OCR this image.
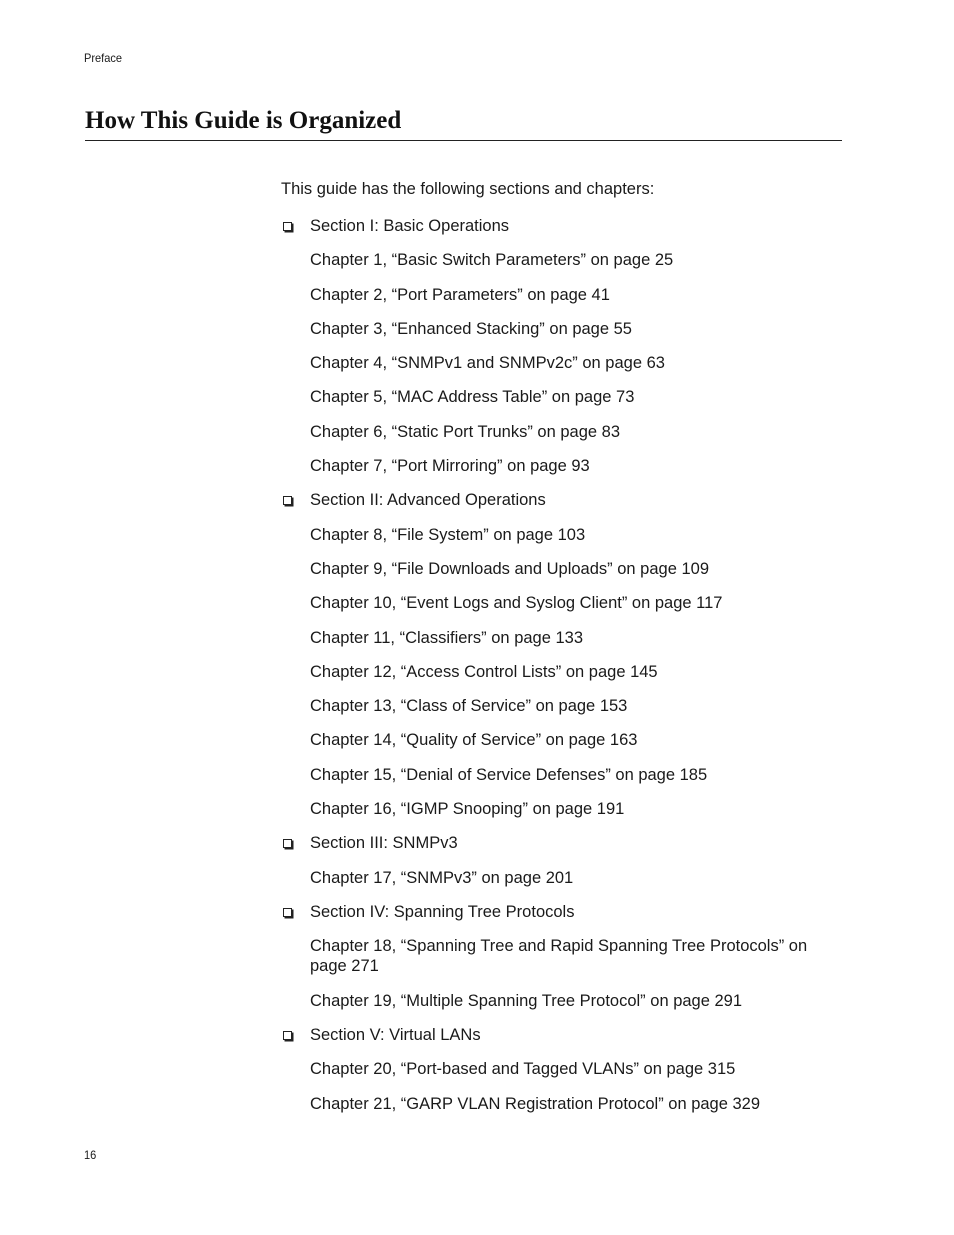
Preface
How This Guide is Organized
This guide has the following sections and chapters:
Section I: Basic Operations
Chapter 1, “Basic Switch Parameters” on page 25
Chapter 2, “Port Parameters” on page 41
Chapter 3, “Enhanced Stacking” on page 55
Chapter 4, “SNMPv1 and SNMPv2c” on page 63
Chapter 5, “MAC Address Table” on page 73
Chapter 6, “Static Port Trunks” on page 83
Chapter 7, “Port Mirroring” on page 93
Section II: Advanced Operations
Chapter 8, “File System” on page 103
Chapter 9, “File Downloads and Uploads” on page 109
Chapter 10, “Event Logs and Syslog Client” on page 117
Chapter 11, “Classifiers” on page 133
Chapter 12, “Access Control Lists” on page 145
Chapter 13, “Class of Service” on page 153
Chapter 14, “Quality of Service” on page 163
Chapter 15, “Denial of Service Defenses” on page 185
Chapter 16, “IGMP Snooping” on page 191
Section III: SNMPv3
Chapter 17, “SNMPv3” on page 201
Section IV: Spanning Tree Protocols
Chapter 18, “Spanning Tree and Rapid Spanning Tree Protocols” on page 271
Chapter 19, “Multiple Spanning Tree Protocol” on page 291
Section V: Virtual LANs
Chapter 20, “Port-based and Tagged VLANs” on page 315
Chapter 21, “GARP VLAN Registration Protocol” on page 329
16
